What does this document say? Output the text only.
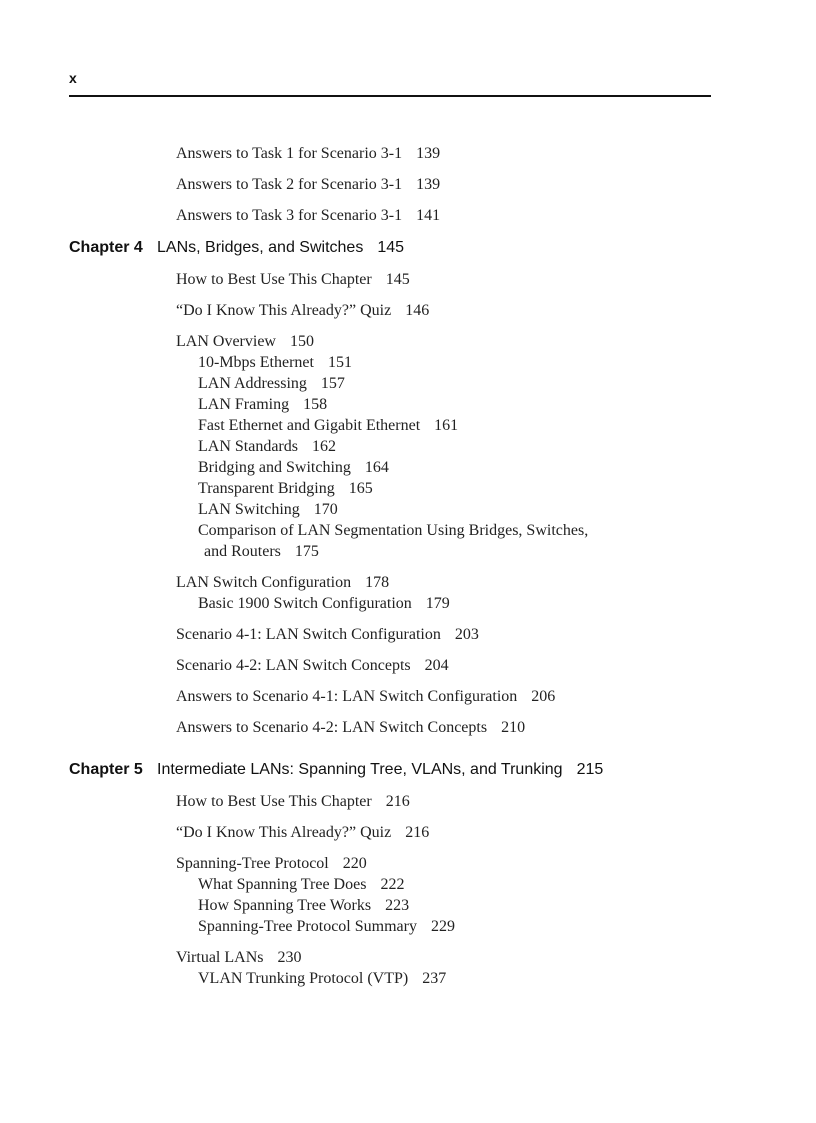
x
Answers to Task 1 for Scenario 3-1 139
Answers to Task 2 for Scenario 3-1 139
Answers to Task 3 for Scenario 3-1 141
Chapter 4 LANs, Bridges, and Switches 145
How to Best Use This Chapter 145
“Do I Know This Already?” Quiz 146
LAN Overview 150
10-Mbps Ethernet 151
LAN Addressing 157
LAN Framing 158
Fast Ethernet and Gigabit Ethernet 161
LAN Standards 162
Bridging and Switching 164
Transparent Bridging 165
LAN Switching 170
Comparison of LAN Segmentation Using Bridges, Switches,
and Routers 175
LAN Switch Configuration 178
Basic 1900 Switch Configuration 179
Scenario 4-1: LAN Switch Configuration 203
Scenario 4-2: LAN Switch Concepts 204
Answers to Scenario 4-1: LAN Switch Configuration 206
Answers to Scenario 4-2: LAN Switch Concepts 210
Chapter 5 Intermediate LANs: Spanning Tree, VLANs, and Trunking 215
How to Best Use This Chapter 216
“Do I Know This Already?” Quiz 216
Spanning-Tree Protocol 220
What Spanning Tree Does 222
How Spanning Tree Works 223
Spanning-Tree Protocol Summary 229
Virtual LANs 230
VLAN Trunking Protocol (VTP) 237
